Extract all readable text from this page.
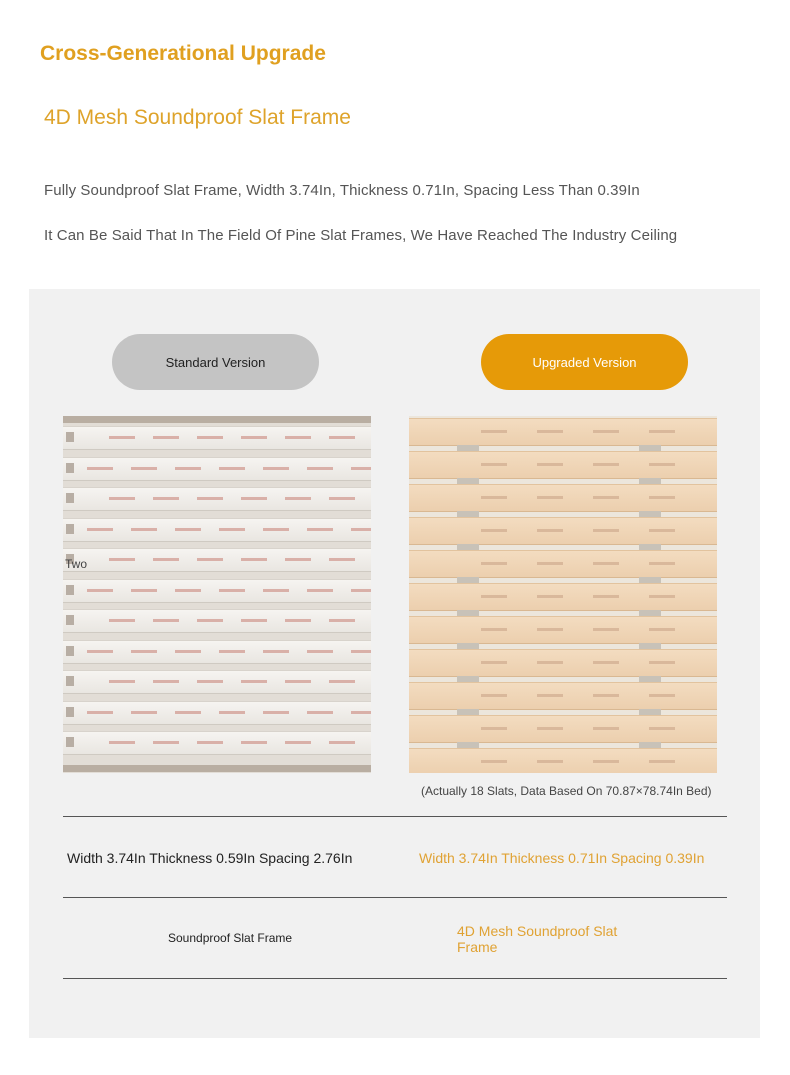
Cross-Generational Upgrade
4D Mesh Soundproof Slat Frame
Fully Soundproof Slat Frame, Width 3.74In, Thickness 0.71In, Spacing Less Than 0.39In
It Can Be Said That In The Field Of Pine Slat Frames, We Have Reached The Industry Ceiling
Standard Version	Upgraded Version
Two
(Actually 18 Slats, Data Based On 70.87×78.74In Bed)
Width 3.74In Thickness 0.59In Spacing 2.76In	Width 3.74In Thickness 0.71In Spacing 0.39In
Soundproof Slat Frame	4D Mesh Soundproof Slat Frame
